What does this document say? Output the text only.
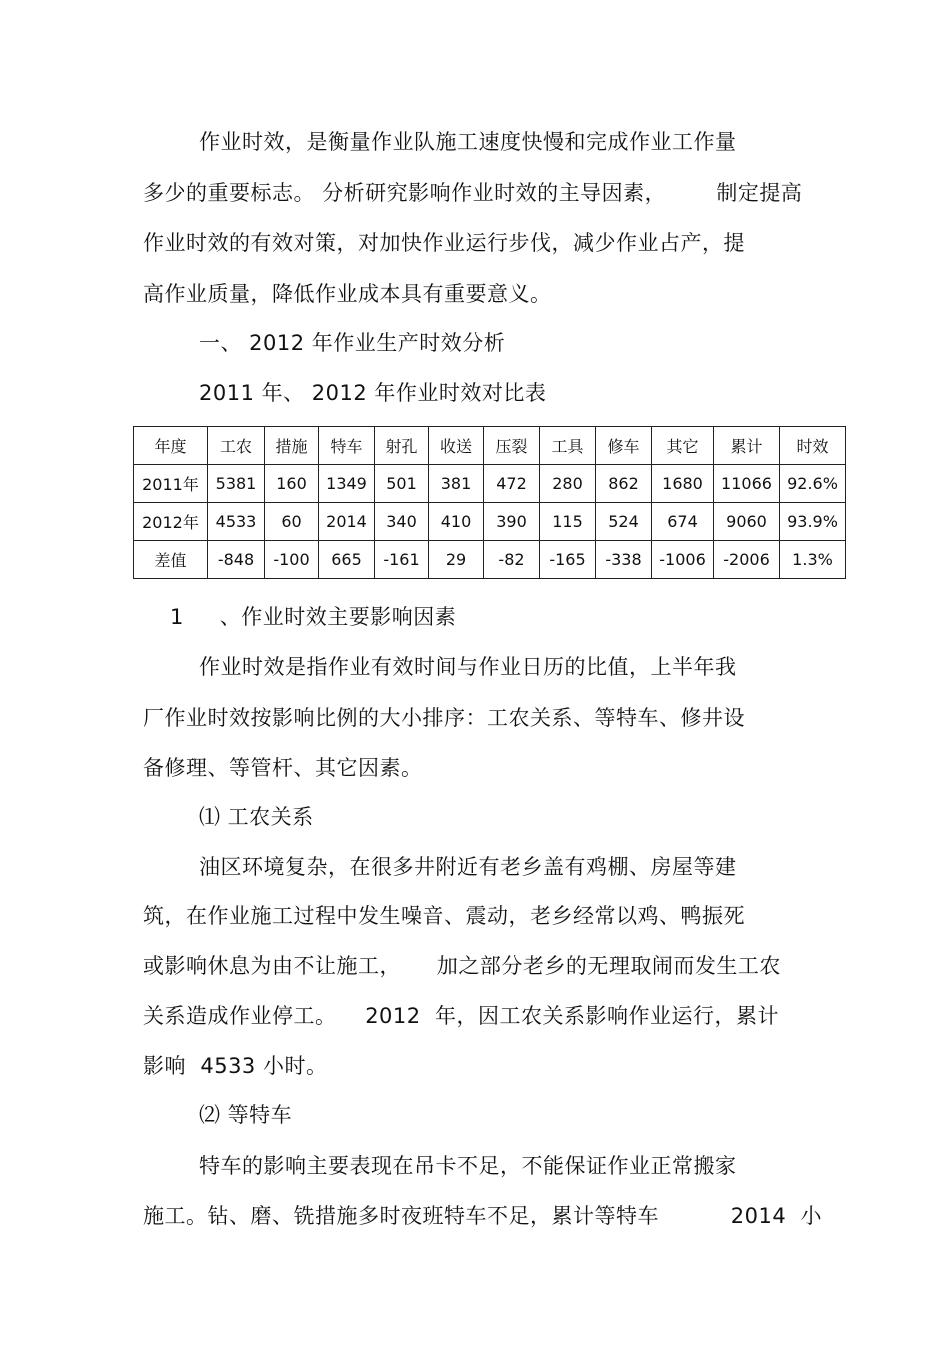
作业时效，是衡量作业队施工速度快慢和完成作业工作量
多少的重要标志。 分析研究影响作业时效的主导因素，       制定提高
作业时效的有效对策，对加快作业运行步伐，减少作业占产，提
高作业质量，降低作业成本具有重要意义。
一、 2012 年作业生产时效分析
2011 年、 2012 年作业时效对比表
年度	工农	措施	特车	射孔	收送	压裂	工具	修车	其它	累计	时效
2011年	5381	160	1349	501	381	472	280	862	1680	11066	92.6%
2012年	4533	60	2014	340	410	390	115	524	674	9060	93.9%
差值	-848	-100	665	-161	29	-82	-165	-338	-1006	-2006	1.3%
1     、作业时效主要影响因素
作业时效是指作业有效时间与作业日历的比值，上半年我
厂作业时效按影响比例的大小排序：工农关系、等特车、修井设
备修理、等管杆、其它因素。
⑴ 工农关系
油区环境复杂，在很多井附近有老乡盖有鸡棚、房屋等建
筑，在作业施工过程中发生噪音、震动，老乡经常以鸡、鸭振死
或影响休息为由不让施工，     加之部分老乡的无理取闹而发生工农
关系造成作业停工。    2012  年，因工农关系影响作业运行，累计
影响  4533 小时。
⑵ 等特车
特车的影响主要表现在吊卡不足，不能保证作业正常搬家
施工。钻、磨、铣措施多时夜班特车不足，累计等特车          2014  小
